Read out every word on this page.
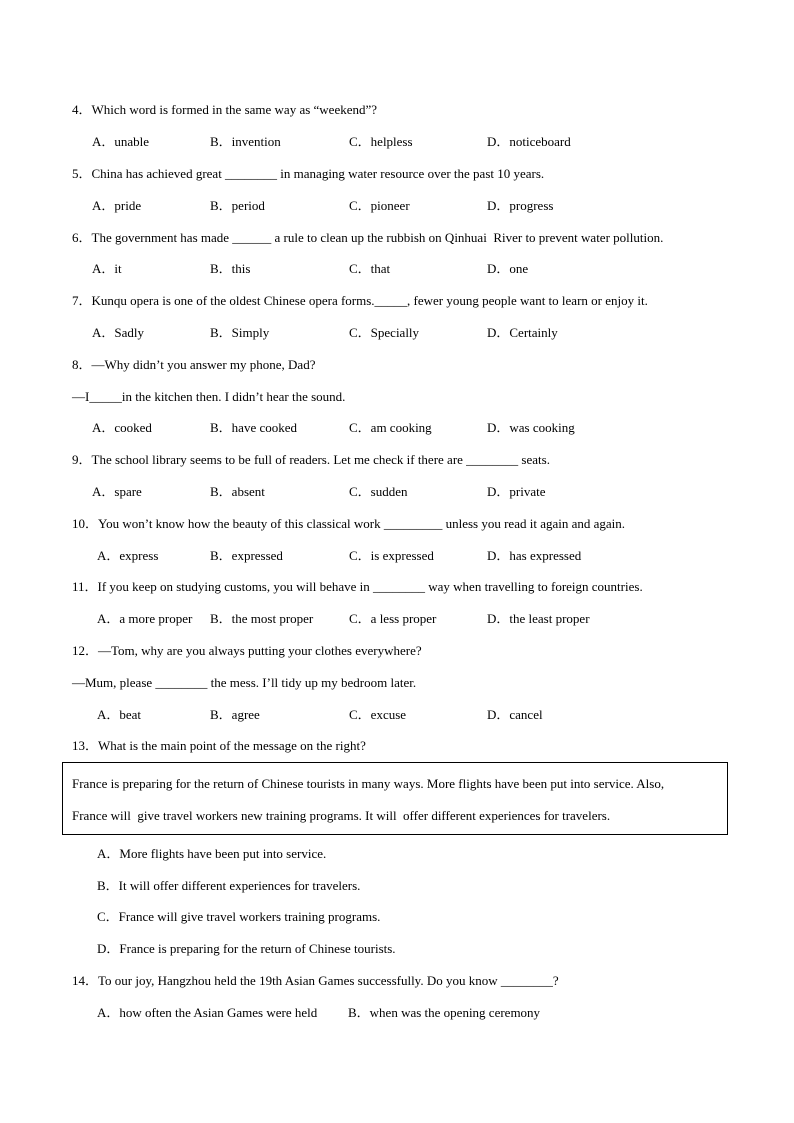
4．Which word is formed in the same way as “weekend”?
A．unable	B．invention	C．helpless	D．noticeboard
5．China has achieved great ________ in managing water resource over the past 10 years.
A．pride	B．period	C．pioneer	D．progress
6．The government has made ______ a rule to clean up the rubbish on Qinhuai  River to prevent water pollution.
A．it	B．this	C．that	D．one
7．Kunqu opera is one of the oldest Chinese opera forms._____, fewer young people want to learn or enjoy it.
A．Sadly	B．Simply	C．Specially	D．Certainly
8．—Why didn’t you answer my phone, Dad?
—I_____in the kitchen then. I didn’t hear the sound.
A．cooked	B．have cooked	C．am cooking	D．was cooking
9．The school library seems to be full of readers. Let me check if there are ________ seats.
A．spare	B．absent	C．sudden	D．private
10．You won’t know how the beauty of this classical work _________ unless you read it again and again.
A．express	B．expressed	C．is expressed	D．has expressed
11．If you keep on studying customs, you will behave in ________ way when travelling to foreign countries.
A．a more proper B．the most proper	C．a less proper	D．the least proper
12．—Tom, why are you always putting your clothes everywhere?
—Mum, please ________ the mess. I’ll tidy up my bedroom later.
A．beat	B．agree	C．excuse	D．cancel
13．What is the main point of the message on the right?
France is preparing for the return of Chinese tourists in many ways. More flights have been put into service. Also,
France will  give travel workers new training programs. It will  offer different experiences for travelers.
A．More flights have been put into service.
B．It will offer different experiences for travelers.
C．France will give travel workers training programs.
D．France is preparing for the return of Chinese tourists.
14．To our joy, Hangzhou held the 19th Asian Games successfully. Do you know ________?
A．how often the Asian Games were held B．when was the opening ceremony
